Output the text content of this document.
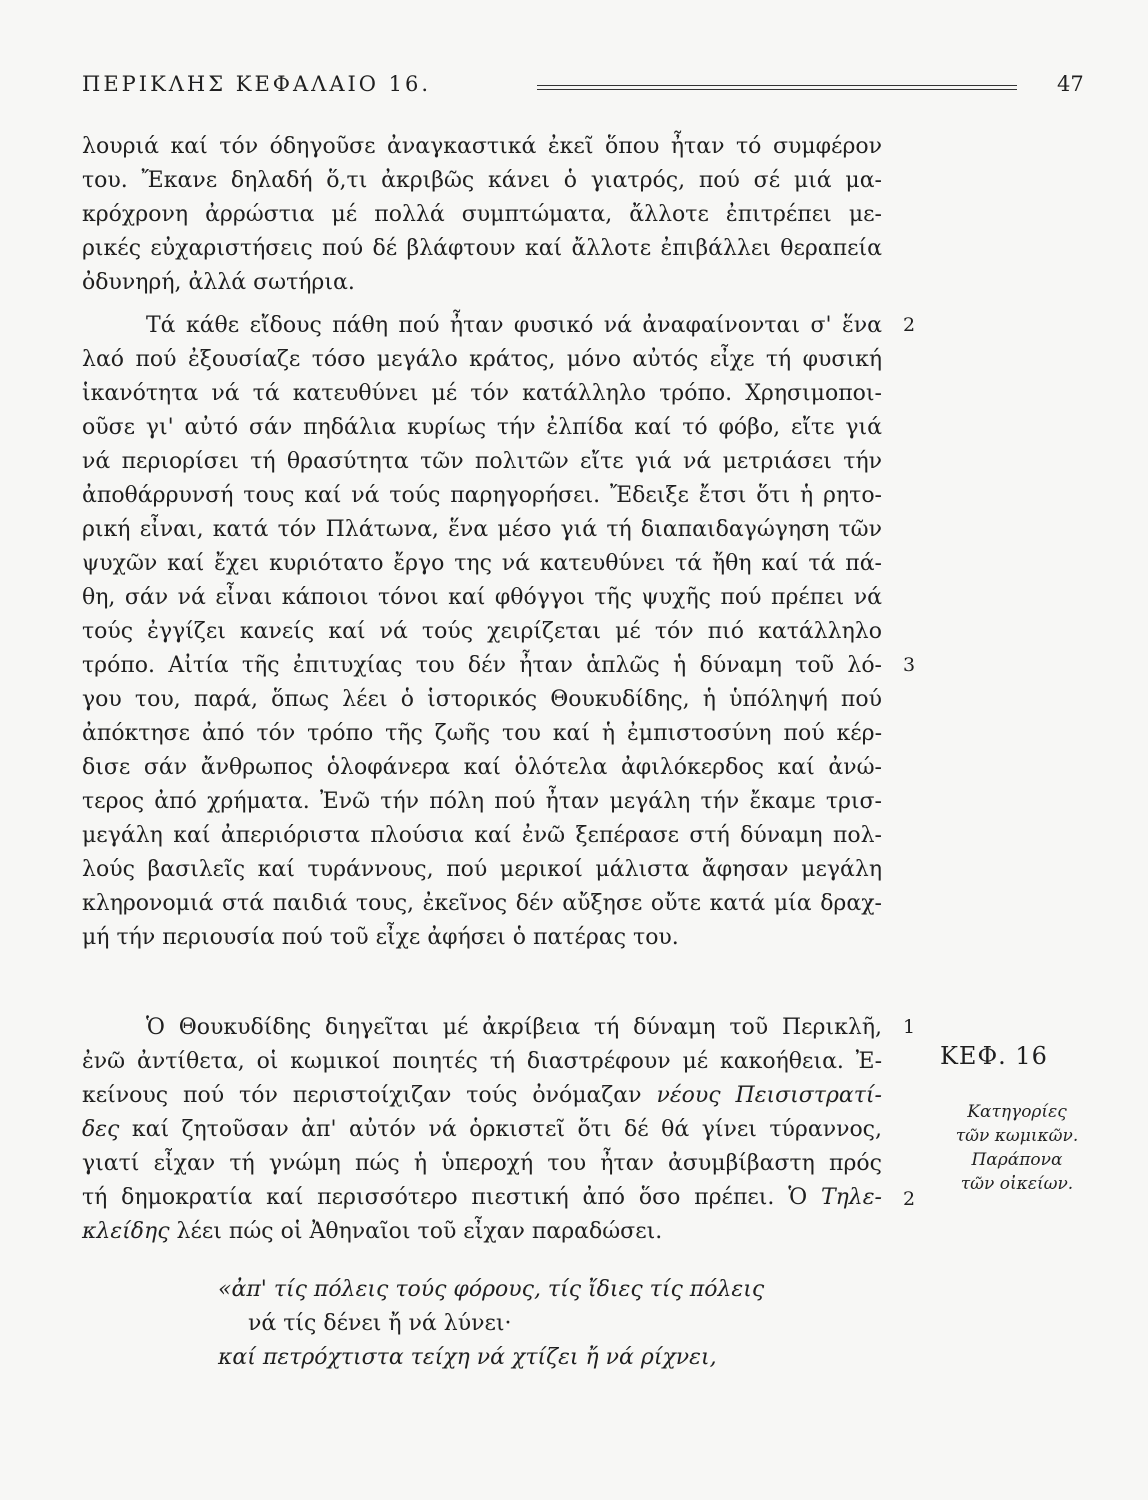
ΠΕΡΙΚΛΗΣ ΚΕΦΑΛΑΙΟ 16.	47
λουριά καί τόν όδηγοῦσε ἀναγκαστικά ἐκεῖ ὅπου ἦταν τό συμφέρον
του. Ἔκανε δηλαδή ὅ,τι ἀκριβῶς κάνει ὁ γιατρός, πού σέ μιά μα-
κρόχρονη ἀρρώστια μέ πολλά συμπτώματα, ἄλλοτε ἐπιτρέπει με-
ρικές εὐχαριστήσεις πού δέ βλάφτουν καί ἄλλοτε ἐπιβάλλει θεραπεία
ὀδυνηρή, ἀλλά σωτήρια.
Τά κάθε εἴδους πάθη πού ἦταν φυσικό νά ἀναφαίνονται σ' ἕνα
λαό πού ἐξουσίαζε τόσο μεγάλο κράτος, μόνο αὐτός εἶχε τή φυσική
ἱκανότητα νά τά κατευθύνει μέ τόν κατάλληλο τρόπο. Χρησιμοποι-
οῦσε γι' αὐτό σάν πηδάλια κυρίως τήν ἐλπίδα καί τό φόβο, εἴτε γιά
νά περιορίσει τή θρασύτητα τῶν πολιτῶν εἴτε γιά νά μετριάσει τήν
ἀποθάρρυνσή τους καί νά τούς παρηγορήσει. Ἔδειξε ἔτσι ὅτι ἡ ρητο-
ρική εἶναι, κατά τόν Πλάτωνα, ἕνα μέσο γιά τή διαπαιδαγώγηση τῶν
ψυχῶν καί ἔχει κυριότατο ἔργο της νά κατευθύνει τά ἤθη καί τά πά-
θη, σάν νά εἶναι κάποιοι τόνοι καί φθόγγοι τῆς ψυχῆς πού πρέπει νά
τούς ἐγγίζει κανείς καί νά τούς χειρίζεται μέ τόν πιό κατάλληλο
τρόπο. Αἰτία τῆς ἐπιτυχίας του δέν ἦταν ἁπλῶς ἡ δύναμη τοῦ λό-
γου του, παρά, ὅπως λέει ὁ ἱστορικός Θουκυδίδης, ἡ ὑπόληψή πού
ἀπόκτησε ἀπό τόν τρόπο τῆς ζωῆς του καί ἡ ἐμπιστοσύνη πού κέρ-
δισε σάν ἄνθρωπος ὁλοφάνερα καί ὁλότελα ἀφιλόκερδος καί ἀνώ-
τερος ἀπό χρήματα. Ἐνῶ τήν πόλη πού ἦταν μεγάλη τήν ἔκαμε τρισ-
μεγάλη καί ἀπεριόριστα πλούσια καί ἐνῶ ξεπέρασε στή δύναμη πολ-
λούς βασιλεῖς καί τυράννους, πού μερικοί μάλιστα ἄφησαν μεγάλη
κληρονομιά στά παιδιά τους, ἐκεῖνος δέν αὔξησε οὔτε κατά μία δραχ-
μή τήν περιουσία πού τοῦ εἶχε ἀφήσει ὁ πατέρας του.
2
3
Ὁ Θουκυδίδης διηγεῖται μέ ἀκρίβεια τή δύναμη τοῦ Περικλῆ,
ἐνῶ ἀντίθετα, οἱ κωμικοί ποιητές τή διαστρέφουν μέ κακοήθεια. Ἐ-
κείνους πού τόν περιστοίχιζαν τούς ὀνόμαζαν νέους Πεισιστρατί-
δες καί ζητοῦσαν ἀπ' αὐτόν νά ὁρκιστεῖ ὅτι δέ θά γίνει τύραννος,
γιατί εἶχαν τή γνώμη πώς ἡ ὑπεροχή του ἦταν ἀσυμβίβαστη πρός
τή δημοκρατία καί περισσότερο πιεστική ἀπό ὅσο πρέπει. Ὁ Τηλε-
κλείδης λέει πώς οἱ Ἀθηναῖοι τοῦ εἶχαν παραδώσει.
1
2
«ἀπ' τίς πόλεις τούς φόρους, τίς ἴδιες τίς πόλεις
νά τίς δένει ἤ νά λύνει·
καί πετρόχτιστα τείχη νά χτίζει ἤ νά ρίχνει,
ΚΕΦ. 16
Κατηγορίες
τῶν κωμικῶν.
Παράπονα
τῶν οἰκείων.
